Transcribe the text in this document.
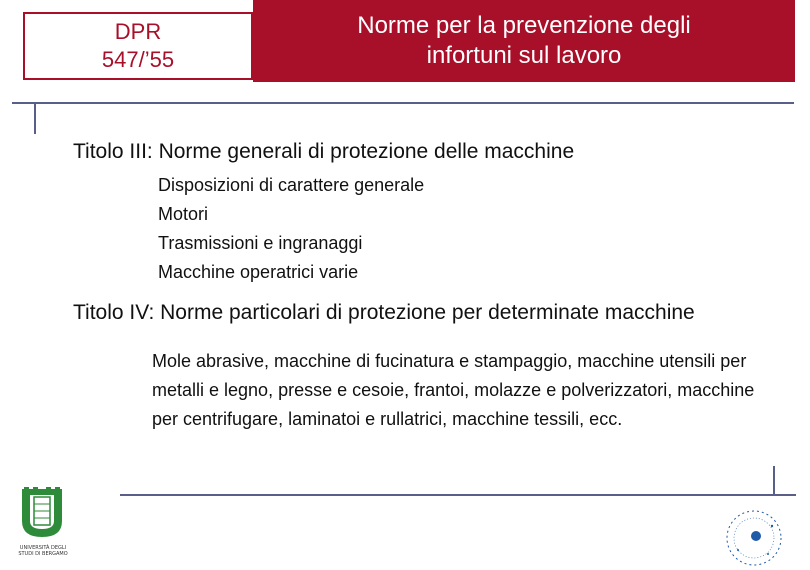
DPR
547/’55
Norme per la prevenzione degli
infortuni sul lavoro
Titolo III: Norme generali di protezione delle macchine
Disposizioni di carattere generale
Motori
Trasmissioni e ingranaggi
Macchine operatrici varie
Titolo IV: Norme particolari di protezione per determinate macchine
Mole abrasive, macchine di fucinatura e stampaggio, macchine utensili per metalli e legno, presse e cesoie, frantoi, molazze e polverizzatori, macchine per centrifugare, laminatoi e rullatrici, macchine tessili, ecc.
UNIVERSITÀ DEGLI STUDI DI BERGAMO
